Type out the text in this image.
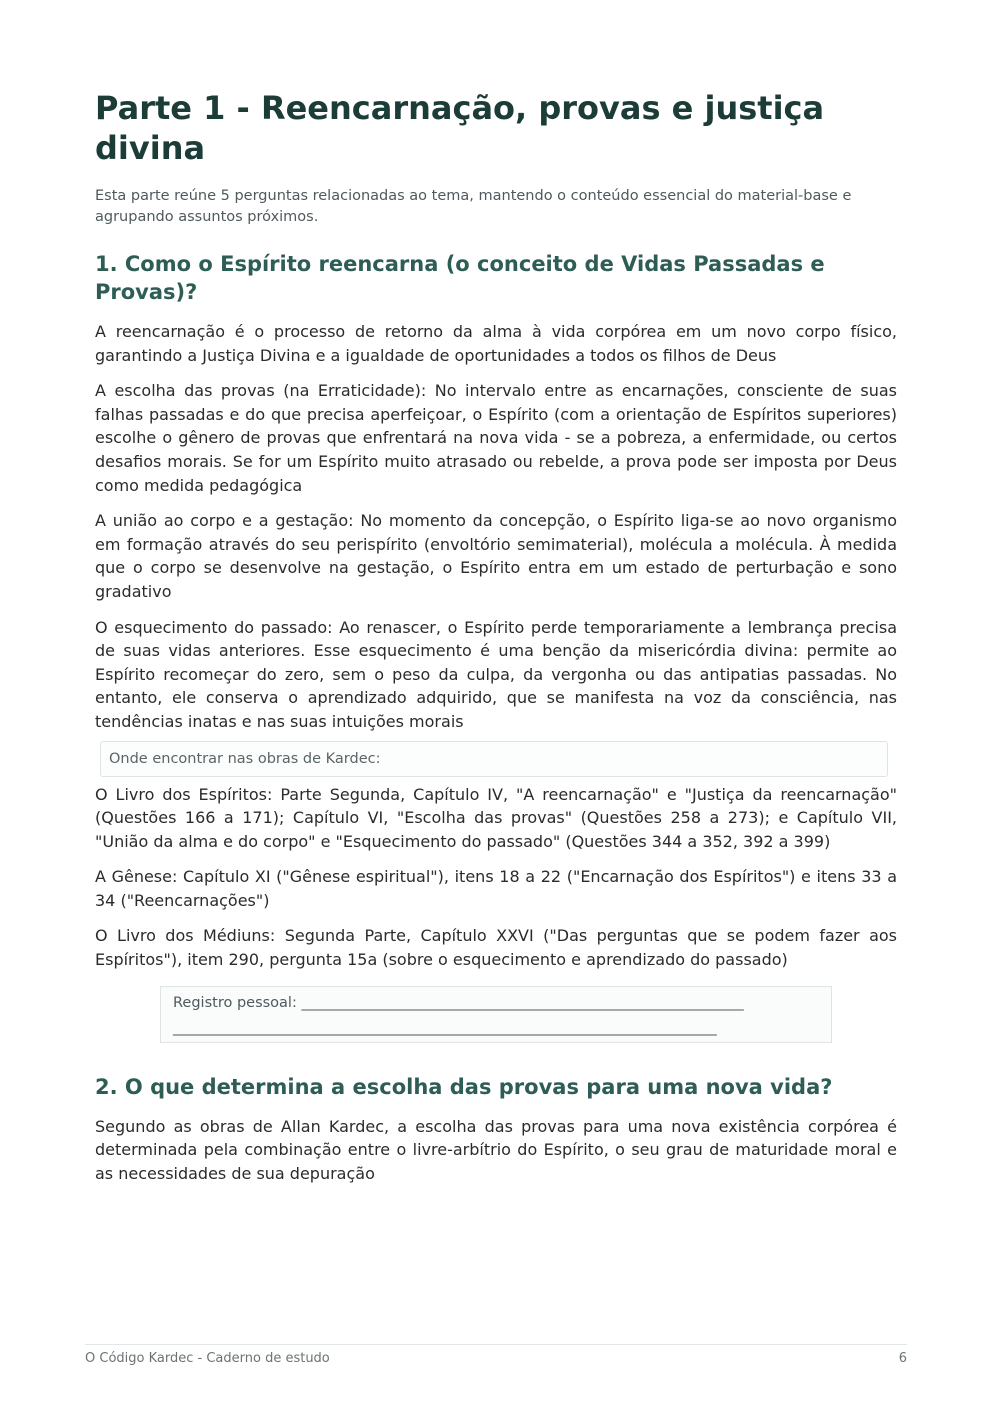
Parte 1 - Reencarnação, provas e justiça divina

Esta parte reúne 5 perguntas relacionadas ao tema, mantendo o conteúdo essencial do material-base e agrupando assuntos próximos.

1. Como o Espírito reencarna (o conceito de Vidas Passadas e Provas)?

A reencarnação é o processo de retorno da alma à vida corpórea em um novo corpo físico, garantindo a Justiça Divina e a igualdade de oportunidades a todos os filhos de Deus

A escolha das provas (na Erraticidade): No intervalo entre as encarnações, consciente de suas falhas passadas e do que precisa aperfeiçoar, o Espírito (com a orientação de Espíritos superiores) escolhe o gênero de provas que enfrentará na nova vida - se a pobreza, a enfermidade, ou certos desafios morais. Se for um Espírito muito atrasado ou rebelde, a prova pode ser imposta por Deus como medida pedagógica

A união ao corpo e a gestação: No momento da concepção, o Espírito liga-se ao novo organismo em formação através do seu perispírito (envoltório semimaterial), molécula a molécula. À medida que o corpo se desenvolve na gestação, o Espírito entra em um estado de perturbação e sono gradativo

O esquecimento do passado: Ao renascer, o Espírito perde temporariamente a lembrança precisa de suas vidas anteriores. Esse esquecimento é uma benção da misericórdia divina: permite ao Espírito recomeçar do zero, sem o peso da culpa, da vergonha ou das antipatias passadas. No entanto, ele conserva o aprendizado adquirido, que se manifesta na voz da consciência, nas tendências inatas e nas suas intuições morais

Onde encontrar nas obras de Kardec:

O Livro dos Espíritos: Parte Segunda, Capítulo IV, "A reencarnação" e "Justiça da reencarnação" (Questões 166 a 171); Capítulo VI, "Escolha das provas" (Questões 258 a 273); e Capítulo VII, "União da alma e do corpo" e "Esquecimento do passado" (Questões 344 a 352, 392 a 399)

A Gênese: Capítulo XI ("Gênese espiritual"), itens 18 a 22 ("Encarnação dos Espíritos") e itens 33 a 34 ("Reencarnações")

O Livro dos Médiuns: Segunda Parte, Capítulo XXVI ("Das perguntas que se podem fazer aos Espíritos"), item 290, pergunta 15a (sobre o esquecimento e aprendizado do passado)

Registro pessoal: _____________________________________________________________
___________________________________________________________________________
2. O que determina a escolha das provas para uma nova vida?

Segundo as obras de Allan Kardec, a escolha das provas para uma nova existência corpórea é determinada pela combinação entre o livre-arbítrio do Espírito, o seu grau de maturidade moral e as necessidades de sua depuração

O Código Kardec - Caderno de estudo	6
